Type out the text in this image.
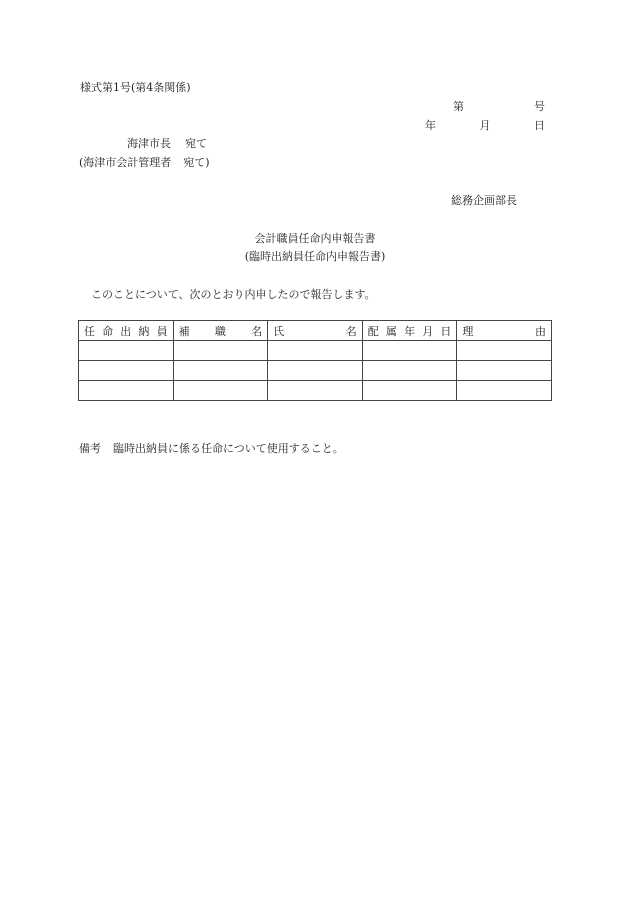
様式第1号(第4条関係)
第	号
年	月	日
海津市長 宛て
(海津市会計管理者 宛て)
総務企画部長
会計職員任命内申報告書
(臨時出納員任命内申報告書)
このことについて、次のとおり内申したので報告します。
任 命 出 納 員	補 職 名	氏 名	配 属 年 月 日	理 由

備考 臨時出納員に係る任命について使用すること。
